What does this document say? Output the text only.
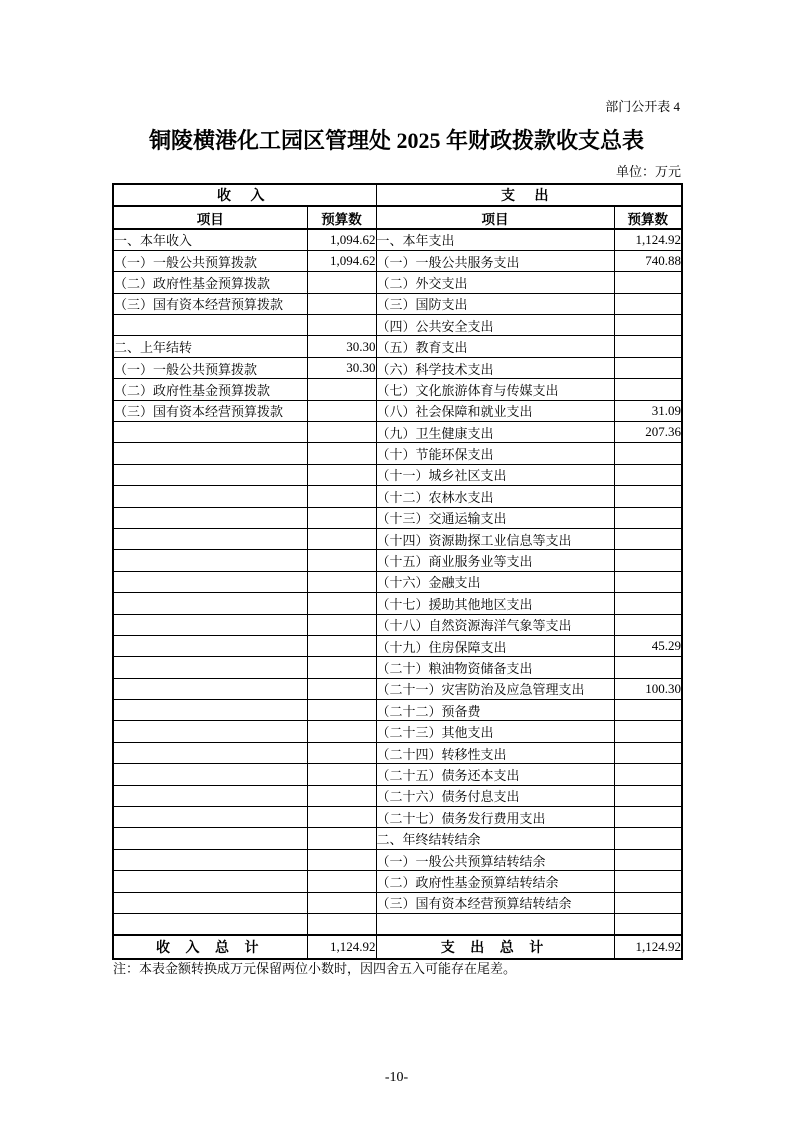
部门公开表 4
铜陵横港化工园区管理处 2025 年财政拨款收支总表
单位：万元
收 入		支 出	
项目	预算数	项目	预算数
一、本年收入	1,094.62	一、本年支出	1,124.92
（一）一般公共预算拨款	1,094.62	（一）一般公共服务支出	740.88
（二）政府性基金预算拨款		（二）外交支出	
（三）国有资本经营预算拨款		（三）国防支出	
		（四）公共安全支出	
二、上年结转	30.30	（五）教育支出	
（一）一般公共预算拨款	30.30	（六）科学技术支出	
（二）政府性基金预算拨款		（七）文化旅游体育与传媒支出	
（三）国有资本经营预算拨款		（八）社会保障和就业支出	31.09
		（九）卫生健康支出	207.36
		（十）节能环保支出	
		（十一）城乡社区支出	
		（十二）农林水支出	
		（十三）交通运输支出	
		（十四）资源勘探工业信息等支出	
		（十五）商业服务业等支出	
		（十六）金融支出	
		（十七）援助其他地区支出	
		（十八）自然资源海洋气象等支出	
		（十九）住房保障支出	45.29
		（二十）粮油物资储备支出	
		（二十一）灾害防治及应急管理支出	100.30
		（二十二）预备费	
		（二十三）其他支出	
		（二十四）转移性支出	
		（二十五）债务还本支出	
		（二十六）债务付息支出	
		（二十七）债务发行费用支出	
		二、年终结转结余	
		（一）一般公共预算结转结余	
		（二）政府性基金预算结转结余	
		（三）国有资本经营预算结转结余	

收 入 总 计	1,124.92	支 出 总 计	1,124.92
注：本表金额转换成万元保留两位小数时，因四舍五入可能存在尾差。
-10-
